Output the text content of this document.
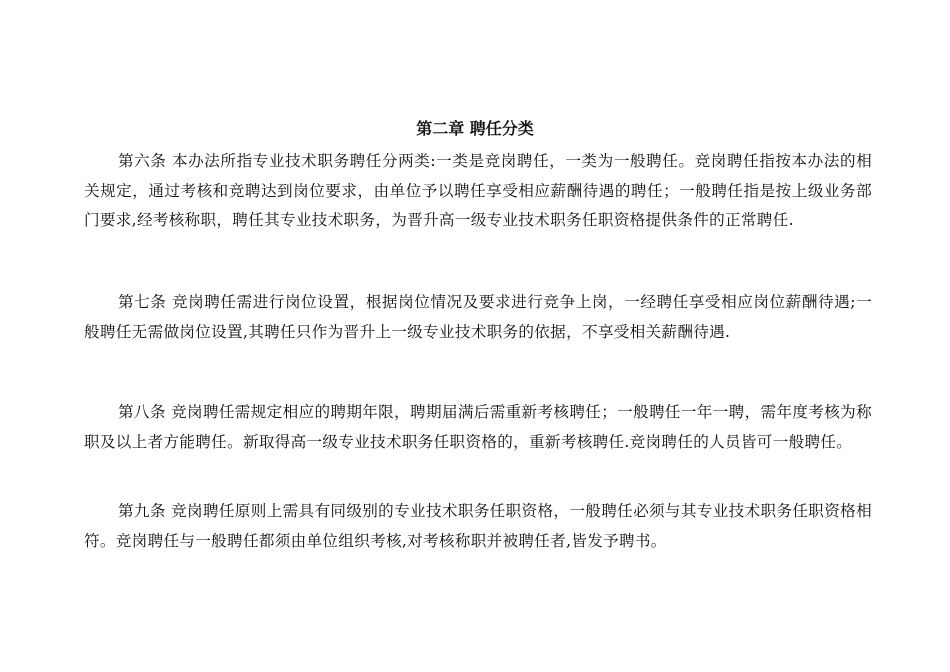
第二章 聘任分类

第六条 本办法所指专业技术职务聘任分两类:一类是竞岗聘任，一类为一般聘任。竞岗聘任指按本办法的相关规定，通过考核和竞聘达到岗位要求，由单位予以聘任享受相应薪酬待遇的聘任；一般聘任指是按上级业务部门要求,经考核称职，聘任其专业技术职务，为晋升高一级专业技术职务任职资格提供条件的正常聘任.

第七条 竞岗聘任需进行岗位设置，根据岗位情况及要求进行竞争上岗，一经聘任享受相应岗位薪酬待遇;一般聘任无需做岗位设置,其聘任只作为晋升上一级专业技术职务的依据，不享受相关薪酬待遇.

第八条 竞岗聘任需规定相应的聘期年限，聘期届满后需重新考核聘任；一般聘任一年一聘，需年度考核为称职及以上者方能聘任。新取得高一级专业技术职务任职资格的，重新考核聘任.竞岗聘任的人员皆可一般聘任。

第九条 竞岗聘任原则上需具有同级别的专业技术职务任职资格，一般聘任必须与其专业技术职务任职资格相符。竞岗聘任与一般聘任都须由单位组织考核,对考核称职并被聘任者,皆发予聘书。
